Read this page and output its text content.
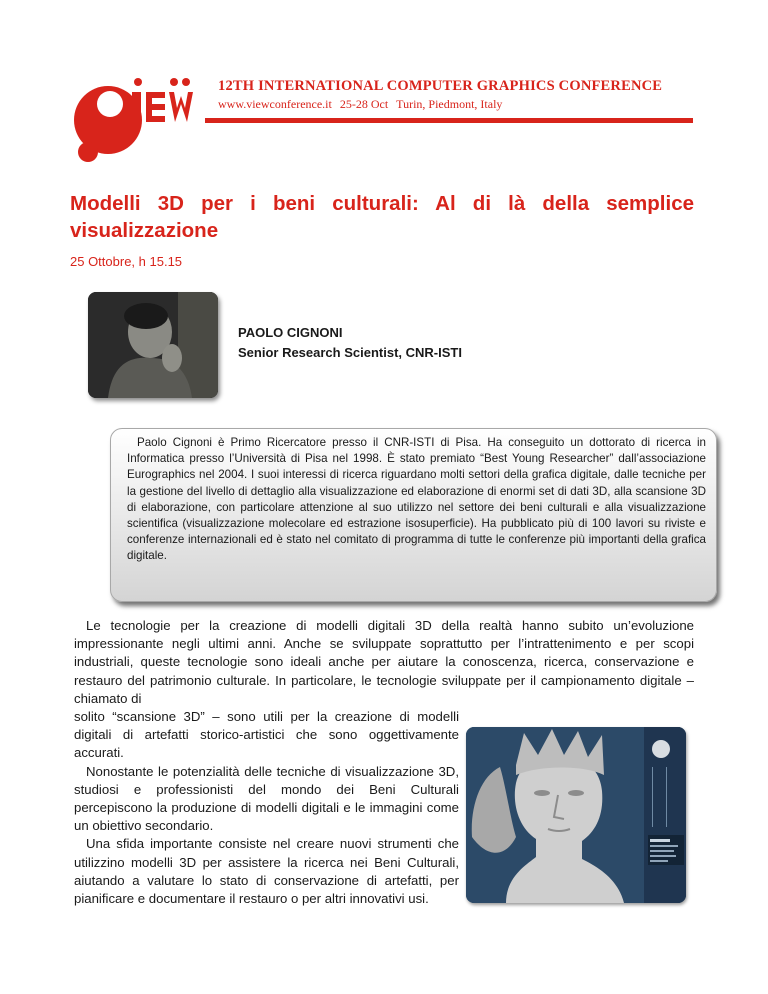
12TH INTERNATIONAL COMPUTER GRAPHICS CONFERENCE
www.viewconference.it 25-28 Oct Turin, Piedmont, Italy
Modelli 3D per i beni culturali: Al di là della semplice
visualizzazione
25 Ottobre, h 15.15
PAOLO CIGNONI
Senior Research Scientist, CNR-ISTI
Paolo Cignoni è Primo Ricercatore presso il CNR-ISTI di Pisa. Ha conseguito un dottorato di ricerca in Informatica presso l’Università di Pisa nel 1998. È stato premiato “Best Young Researcher” dall’associazione Eurographics nel 2004. I suoi interessi di ricerca riguardano molti settori della grafica digitale, dalle tecniche per la gestione del livello di dettaglio alla visualizzazione ed elaborazione di enormi set di dati 3D, alla scansione 3D di elaborazione, con particolare attenzione al suo utilizzo nel settore dei beni culturali e alla visualizzazione scientifica (visualizzazione molecolare ed estrazione isosuperficie). Ha pubblicato più di 100 lavori su riviste e conferenze internazionali ed è stato nel comitato di programma di tutte le conferenze più importanti della grafica digitale.

Le tecnologie per la creazione di modelli digitali 3D della realtà hanno subito un’evoluzione impressionante negli ultimi anni. Anche se sviluppate soprattutto per l’intrattenimento e per scopi industriali, queste tecnologie sono ideali anche per aiutare la conoscenza, ricerca, conservazione e restauro del patrimonio culturale. In particolare, le tecnologie sviluppate per il campionamento digitale – chiamato di

solito “scansione 3D” – sono utili per la creazione di modelli digitali di artefatti storico-artistici che sono oggettivamente accurati.

Nonostante le potenzialità delle tecniche di visualizzazione 3D, studiosi e professionisti del mondo dei Beni Culturali percepiscono la produzione di modelli digitali e le immagini come un obiettivo secondario.

Una sfida importante consiste nel creare nuovi strumenti che utilizzino modelli 3D per assistere la ricerca nei Beni Culturali, aiutando a valutare lo stato di conservazione di artefatti, per pianificare e documentare il restauro o per altri innovativi usi.
